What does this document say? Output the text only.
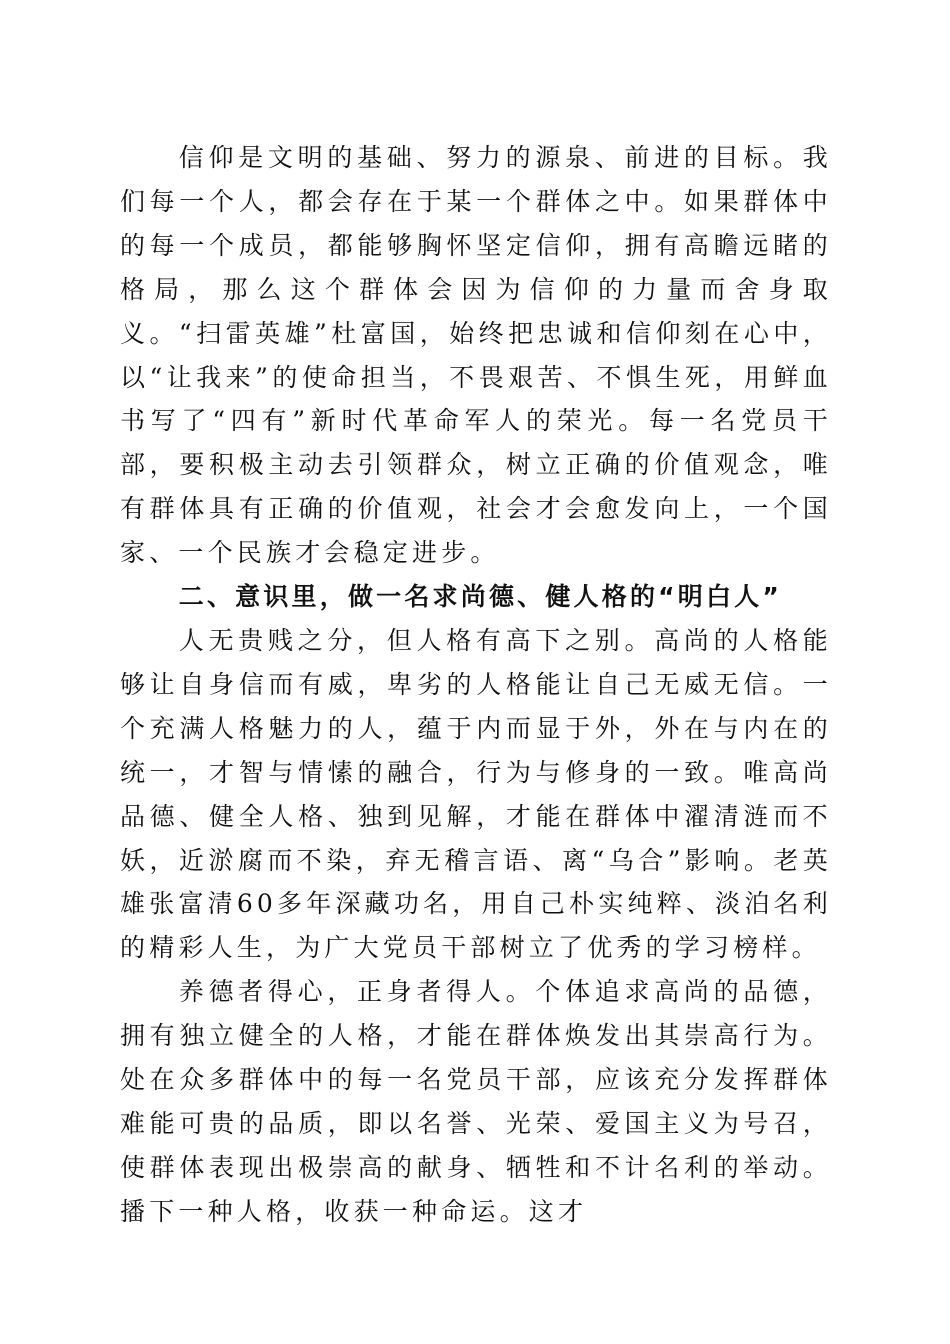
信仰是文明的基础、努力的源泉、前进的目标。我们每一个人，都会存在于某一个群体之中。如果群体中的每一个成员，都能够胸怀坚定信仰，拥有高瞻远睹的格局，那么这个群体会因为信仰的力量而舍身取义。“扫雷英雄”杜富国，始终把忠诚和信仰刻在心中，以“让我来”的使命担当，不畏艰苦、不惧生死，用鲜血书写了“四有”新时代革命军人的荣光。每一名党员干部，要积极主动去引领群众，树立正确的价值观念，唯有群体具有正确的价值观，社会才会愈发向上，一个国家、一个民族才会稳定进步。

二、意识里，做一名求尚德、健人格的“明白人”

人无贵贱之分，但人格有高下之别。高尚的人格能够让自身信而有威，卑劣的人格能让自己无威无信。一个充满人格魅力的人，蕴于内而显于外，外在与内在的统一，才智与情愫的融合，行为与修身的一致。唯高尚品德、健全人格、独到见解，才能在群体中濯清涟而不妖，近淤腐而不染，弃无稽言语、离“乌合”影响。老英雄张富清60多年深藏功名，用自己朴实纯粹、淡泊名利的精彩人生，为广大党员干部树立了优秀的学习榜样。

养德者得心，正身者得人。个体追求高尚的品德，拥有独立健全的人格，才能在群体焕发出其崇高行为。处在众多群体中的每一名党员干部，应该充分发挥群体难能可贵的品质，即以名誉、光荣、爱国主义为号召，使群体表现出极崇高的献身、牺牲和不计名利的举动。播下一种人格，收获一种命运。这才
